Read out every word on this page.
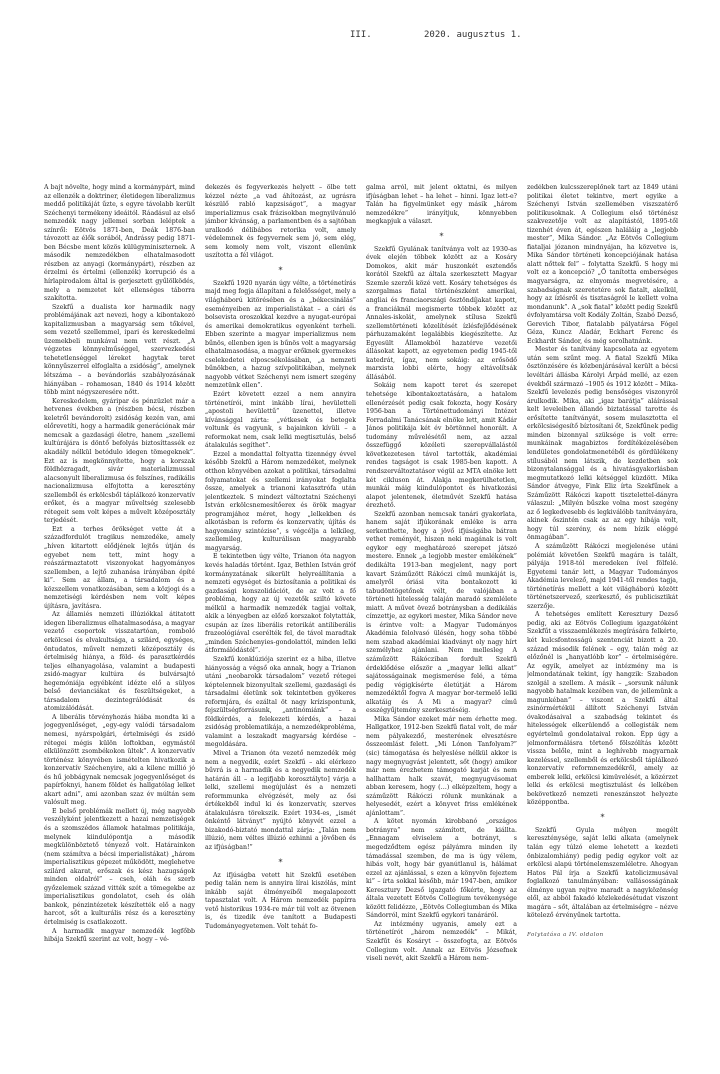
III.	2020. augusztus 1.

A bajt növelte, hogy mind a kormánypárt, mind az ellenzék a doktriner, életidegen liberalizmus meddő politikáját űzte, s egyre távolabb került Széchenyi termékeny ideáitól. Ráadásul az első nemzedék nagy jellemei sorban leléptek a színről: Eötvös 1871-ben, Deák 1876-ban távozott az élők sorából, Andrássy pedig 1871-ben Bécsbe ment közös külügyminiszternek. A második nemzedékben elhatalmasodott részben az anyagi (kormánypárt), részben az érzelmi és értelmi (ellenzék) korrupció és a hírlapirodalom által is gerjesztett gyűlölködés, mely a nemzetet két ellenséges táborra szakította.

Szekfű a dualista kor harmadik nagy problémájának azt nevezi, hogy a kibontakozó kapitalizmusban a magyarság sem tőkével, sem vezető szellemmel, ipari és kereskedelmi üzemekbeli munkával nem vett részt. „A végzetes könnyelműséggel, szervezkedési tehetetlenséggel léreket hagytak teret könnyűszerrel elfoglalta a zsidóság”, amelynek létszáma – a bevándorlás szabályozásának hiányában – rohamosan, 1840 és 1914 között több mint négyszeresére nőtt.

Kereskedelem, gyáripar és pénzüzlet már a hetvenes években a (részben bécsi, részben keletről bevándorolt) zsidóság kezén van, ami előrevetíti, hogy a harmadik generációnak már nemcsak a gazdasági életre, hanem „szellemi kultúrájára is döntő befolyás biztosíttassék ez akadály nélkül betódulo idegen tömegeknek”. Ezt az is megkönnyítette, hogy a korszak földhözragadt, sivár materializmussal alacsonyult liberalizmusa és felszínes, radikális nacionalizmusa elfojtotta a keresztény szellemből és erkölcsből táplálkozó konzervatív erőket, és a magyar műveltség szelesebb rétegeit sem volt képes a művelt középosztály terjedését.

Ezt a terhes örökséget vette át a századfordulót tragikus nemzedéke, amely „híven kitartott elődjének lejtős útján és egyebet nem tett, mint hogy a reászármaztatott viszonyokat hagyományos szellemben, a lejtő zuhanása irányában építé ki”. Sem az állam, a társadalom és a közszellem vonatkozásában, sem a közjogi és a nemzetiségi kérdésben nem volt képes újításra, javításra.

Az államiés nemzeti illúziókkal átitatott idegen liberalizmus elhatalmasodása, a magyar vezető csoportok visszatartóan, romboló erkölcsei és elvakultsága, a szilárd, egységes, öntudatos, művelt nemzeti középosztály és értelmiség hiánya, a föld- és parasztkérdés teljes elhanyagolása, valamint a budapesti zsidó-magyar kultúra és bulvársajtó hegemóniája egyébként idézte elő a sülyos belső devianciákat és feszültségeket, a társadalom dezintegrálódását és atomizálódását.

A liberális törvényhozás hiába mondta ki a jogegyenlőséget, „egy-egy valódi társadalom nemesi, nyárspolgári, értelmiségi és zsidó rétegei mégis külön loftokban, egymástól elkülönzött zsombékokon ültek”. A konzervatív történész könyvében ismételten hivatkozik a konzervatív Széchenyire, aki a kilenc millió jó és hű jobbágynak nemcsak jogegyenlőséget és papírfoknyi, hanem földet és hallgatólag lelket akart adni”, ami azonban szaz év múltán sem valósult meg.

E belső problémák mellett új, még nagyobb veszélyként jelentkezett a hazai nemzetiségek és a szomszédos államok hatalmas politikája, melynek kiindulópontja a második megkülönböztető tényező volt. Határainkon (nem számítva a bécsi imperialistákat) „három imperialisztikus gépezet működött, meglehetve szilárd akarat, erőszak és kész hazugságok minden oldalról” – cseh, oláh és szerb győzelemek század vitték szét a tömegekbe az imperialisztikus gondolatot, cseh és oláh bankok, pénzintézetek készítették elő a nagy harcot, sőt a kulturális rész és a keresztény értelmiség is csatlakozott.

A harmadik magyar nemzedék legfőbb hibája Szekfű szerint az volt, hogy – vé-

dekezés és fegyverkezés helyett – ölbe tett kézzel nézte „a vad áhítozást, az ugrásra készülő rabló kapzsiságot”, a magyar imperializmus csak frázisokban megnyilvánuló jámbor kívánság, a parlamentben és a sajtóban uralkodó délibábos retorika volt, amely védelemnek és fegyvernek sem jó, sem elég, sem komoly nem volt, viszont ellenünk uszította a fél világot.

*

Szekfű 1920 nyarán úgy vélte, a történetírás majd meg fogja állapítani a felelősséget, mely a világháború kitörésében és a „békecsinálás” eseményeiben az imperialistákat – a cári és bolsevista oroszokkal kezdve a nyugat-európai és amerikai demokratikus egyenként terheli. Ebben szerinte a magyar imperializmus nem bűnös, ellenben igen is bűnös volt a magyarság elhatalmasodása, a magyar erőknek gyermekes cselekedetei elposcsékolásában, „a nemzeti bűnökben, a hazug szívpolitikában, melynek nagyobb vétket Széchenyi nem ismert szegény nemzetünk ellen”.

Ezért követett ezzel a nem annyira történetírói, mint inkább lírai, hevületteli „apostoli hevülettű” üzenettel, illetve kívánsággal zárta: „vétkesek és betegek voltunk és vagyunk, s bajainkon kívüli – a reformokat nem, csak lelki megtisztulás, belső átalakulás segíthet”.

Ezzel a mondattal foltyatta tizennégy évvel később Szekfű a Három nemzedéket, melynek otthon könyvében azokat a politikai, társadalmi folyamatokat és szellemi irányokat foglalta össze, amelyek a trianoni katasztrófa után jelentkeztek. S mindezt változtatni Széchenyi István erkölcsnemesítőerex és örök magyar programjához méret, hogy „lelkekben és alkotásban is reform és konzervatív, újítás és hagyomány szintézise”, s végcélja a lelkileg, szellemileg, kulturálisan magyarabb magyarság.

E tekintetben úgy vélte, Trianon óta nagyon kevés haladás történt. Igaz, Bethlen István gróf kormányzatának sikerült helyreállítania a nemzeti egységet és biztosítania a politikai és gazdasági konszolidációt, de az volt a fő probléma, hogy az új vezetők sziltó követe mélkül a harmadik nemzedék tagjai voltak, akik a lényegben az előző korszakot folytatták, csupán az ízes liberális retorikát antiliberális frazeológiával cserélték fel, de távol maradtak „minden Széchenyies-gondolattól, minden lelki átformálódástól”.

Szekfű konklúziója szerint ez a hiba, illetve hiányosság a végső oka annak, hogy a Trianon utáni „neobarokk társadalom” vezető rétegei képtelennek bizonyultak szellemi, gazdasági és társadalmi életünk sok tekintetben gyökeres reformjára, és ezáltal öt nagy krízispontunk, fejszültségforrásunk, „antinómiánk” – a földkérdés, a felekezeti kérdés, a hazai zsidóság problematikája, a nemzedékprobléma, valamint a leszakadt magyarság kérdése – megoldására.

Mivel a Trianon óta vezető nemzedék még nem a negyedik, ezért Szekfű – aki elérkezo bűvrá is a harmadik és a negyedik nemzedék határán áll – a legifjabb korosztályto] várja a lelki, szellemi megújulást és a nemzeti reformmunka elvégzését, mely az ősi értékekből indul ki és konzervatív, szerves átalakulásra törekszik. Ezért 1934-es, „ismét önkéntő látványt” nyújtó könyvét ezzel a bizakodó-biztató mondattal zárja: „Talán nem illúzió, nem véltes illúzió ezhinni a jövőben és az ifjúságban!”

*

Az ifjúságba vetett hit Szekfű esetében pedig talán nem is annyira lírai kiszólás, mint inkább saját élményeiből megalapozott tapasztalat volt. A Három nemzedék papírra vető historikus 1934-re már túl volt az ötvenen is, és tizedik éve tanított a Budapesti Tudományegyetemen. Volt tehát fo-

galma arról, mit jelent oktatni, és milyen ifjúságban lehet – ha lehet – hinni. Igaz lett-e? Talán ha figyelmünket egy másik „három nemzedékre” irányítjuk, könnyebben megkapjuk a választ.

*

Szekfű Gyulának tanítványa volt az 1930-as évek elején többek között az a Kosáry Domokos, akit már huszonkét esztendős korától Szekfű az általa szerkesztett Magyar Szemle szerzői közé vett. Kosáry tehetséges és szorgalmas fiatal történészként amerikai, angliai és franciaországi ösztöndíjakat kapott, a franciáknál megismerte többek között az Annales-iskolát, amelynek stílusa Szekfű szellemtörténeti közelítését ízlésfejlődésének párhuzamaként legalábbis kiegészítette. Az Egyesült Államokból hazatérve vezetői állásokat kapott, az egyetemen pedig 1945-től katedrát, ígaz, nem sokáig: az erősödő marxista lobbi elérte, hogy eltávolítsák állásából.

Sokáig nem kapott teret és szerepet tehetsége kibontakoztatására, a hatalom ellenérzését pedig csak fokozta, hogy Kosáry 1956-ban a Történettudományi Intézet Forradalmi Tanácsának elnöke lett, amit Kádár János politikája két év börtönnel honorált. A tudomány művelésétől nem, az azzal összefüggő közéleti szerepvállalástól következetesen távol tartották, akadémiai rendes tagságot is csak 1985-ben kapott. A rendszerváltoztatásor végül az MTA elnöke lett két cikluson át. Alakja megkerülhetetlen, munkái máig kiindulópontot és hivatkozási alapot jelentenek, életművét Szekfű hatása érezhető.

Szekfű azonban nemcsak tanári gyakorlata, hanem saját ifjúkorának emléke is arra serkenthette, hogy a jövő ifjúságába bátran vethet reményét, hiszen neki magának is volt egykor egy meghatározó szerepet játszó mestere. Ennek „a legjobb mester emlékének” dedikálta 1913-ban megjelent, nagy port kavart Száműzött Rákóczi című munkáját is, amelyről óriási vita bontakozott ki tabudöntögetőnek vélt, de valójában a történeti hitelesség talaján maradó szemlélete miatt. A művet övező botránysban a dedikálás címzettje, az egykori mester, Mika Sándor neve is érintve volt: a Magyar Tudományos Akadémia felolvasó ülésén, hogy soha többé nem szabad akadémiai kiadványt oly nagy hírt személyhez ajánlani. Nem mellesleg A száműzött Rákócziban fordult Szekfű érdeklődése először a „magyar lelki alkat” sajátosságainak megismerése felé, a téma pedig végigkísérte életútját a Három nemzedéktől fogva A magyar bor-termelő lelki alkatáig és A Mi a magyar? című esszégyűjtemény szerkesztéséig.

Mika Sándor ezeket már nem érhette meg. Hallgatkor, 1912-ben Szekfű fiatal volt, de már nem pályakezdő, mesterének elvesztésre összeomlást felett. „Mi Lónon Tanfolyam?” (sic) támogatása és helyeslése nélkül akkor is nagy megnyugvást jelentett, sőt (hogy) amikor már nem érezhetem támogató karját és nem hallhattam halk szavát, megnyugvásomat abban keresem, hogy (…) elképzeltem, hogy a száműzött Rákóczi rólunk munkának a helyesedét, ezért a könyvet friss emlékének ajánlottam”.

A kötet nyomán kirobbanó „országos botrányra” nem számított, de kiállta. „Ennagam elviselem a botrányt, s megedződtem egész pályámra minden ily támadással szemben, de ma is úgy vélem, hibás volt, hogy bár gyanútlanul is, hálámat ezzel az ajánlással, s ezen a könyvön fejeztem ki” – írta sokkal később, már 1947-ben, amikor Keresztury Dezső igazgató főkérte, hogy az általa vezetett Eötvös Collegium tevékenysége között felidézze, „Eötvös Collegiumban és Mika Sándorról, mint Szekfű egykori tanáráról.

Az intézmény ugyanis, amely ezt a történetírót „három nemzedék” – Mikát, Szekfűt és Kosáryt – összefogta, az Eötvös Collegium volt. Annak az Eötvös Józsefnek viseli nevét, akit Szekfű a Három nem-

zedékben kulcsszereplőnek tart az 1849 utáni politikai életet tekintve, mert egyike a Széchenyi István szellemében viszszatérő politikusoknak. A Collegium első történész szakvezetője volt az alapítástól, 1895-től tizenhét éven át, egészen haláláig a „legjobb mester”, Mika Sándor. „Az Eötvös Collegium fiataljai józanon mindnyájan, ha közvetve is, Mika Sándor történeti koncepciójának hatása alatt nőttek fel” – folytatta Szekfű. S hogy mi volt ez a koncepció? „Ő tanította emberséges magyarságra, az elnyomás megvetésére, a szabadságnak szeretetére sok fiatalt, akelkül, hogy az ízlésről és tisztaságról le kellett volna mondanunk”. A „sok fiatal” között pedig Szekfű évfolyamtársa volt Kodály Zoltán, Szabó Dezső, Gerevich Tibor, fiatalabb pályatársa Fógel Géza, Kuncz Aladár, Eckhart Ferenc és Eckhardt Sándor, és még sorolhatnánk.

Mester és tanítvány kapcsolata az egyetem után sem szűnt meg. A fiatal Szekfű Mika ösztönzésére és közbenjárásával került a bécsi levéltári állásba Károlyi Árpád mellé, az ezen évekből származó –1905 és 1912 között – Mika-Szekfű levelezés pedig bensőséges viszonyról árulkodik. Mika, aki „igaz barátja” aláírással kelt leveleiben állandó biztatással tarotte és erősítette tanítványát, sosem mulasztotta el erkölcsiségesítő bíztosítani őt, Szekfűnek pedig minden bizonnyal szüksége is volt erre: munkáinak magabiztos fordítékézelésében lendületes gondolatmenetéből és gördülékeny stílusából nem látszik, de kezdetben sok bizonytalansággal és a hivatásgyakorlásban megmutatkozó lelki kétséggel küzdött. Mika Sándor átvegye, Fink Eliz írta Szekfűnek a Száműzött Rákóczi kapott tisztelettel-dányra válaszul: „Milyén bűszke volna most szegény az ő legkedvesebb és legkiválóbb tanítványára, akinek őszintén csak az az egy hibája volt, hogy túl szerény, és nem bízik eléggé önmagában”.

A száműzött Rákóczi megjelenése utáni polémiát követően Szekfű magára is talált, pályája 1918-tól meredeken ível fölfelé. Egyetemi tanár lett, a Magyar Tudományos Akadémia levelező, majd 1941-től rendes tagja, történetírás mellett a két világháború között történetszervező, szerkesztő, és publicisztikát szerzője.

A tehetséges említett Keresztury Dezső pedig, aki az Eötvös Collegium igazgatóként Szekfűt a visszaemlékezés megírására felkérte, két kulcsfontosságú szentenciát bizott a 20. század második felének – egy, talán még az előzőnél is „hanyatlóbb kor” – értelmiségére. Az egyik, amelyet az intézmény ma is jelmondatának tekint, így hangzik: Szabadon szolgál a szellem. A másik – „sorsunk nálunk nagyobb hatalmak kezében van, de jellemünk a magunkéban” – viszont a Szekfű által zsinórmértékül állított Széchenyi István óvakodásaival a szabadság tekintet és hitelességek elkerülendő a collegisták nem egyértelmű gondolataival rokon. Épp úgy a jelmonformálásra törtenő fölszólítás között vissza belőle, mint a leghívebb magyarnak kezeléssel, szellemből és erkölcsből táplálkozó konzervatív reformnemzedékről, amely az emberek lelki, erkölcsi kimüvelését, a közérzet lelki és erkölcsi megtisztulást és lelkében bekövetkező nemzeti reneszánszot helyezte középpontba.

*

Szekfű Gyula mélyen megélt kereszténysége, saját lelki alkata (amelynek talán egy túlzó eleme lehetett a kezdeti önbizalomhiány) pedig pedig egykor volt az erkölcsi alapú történelemszemléletre. Ahogyan Hatos Pál írja a Szekfű katolicizmusával foglalkozó tanulmányában: vallásosságának élménye ugyan rejtve maradt a nagyközönség elől, az abból fakadó közlekedésétudat viszont magára – sőt, általában az értelmiségre – nézve kötelező érvényűnek tartotta.

Folytatása a IV. oldalon
